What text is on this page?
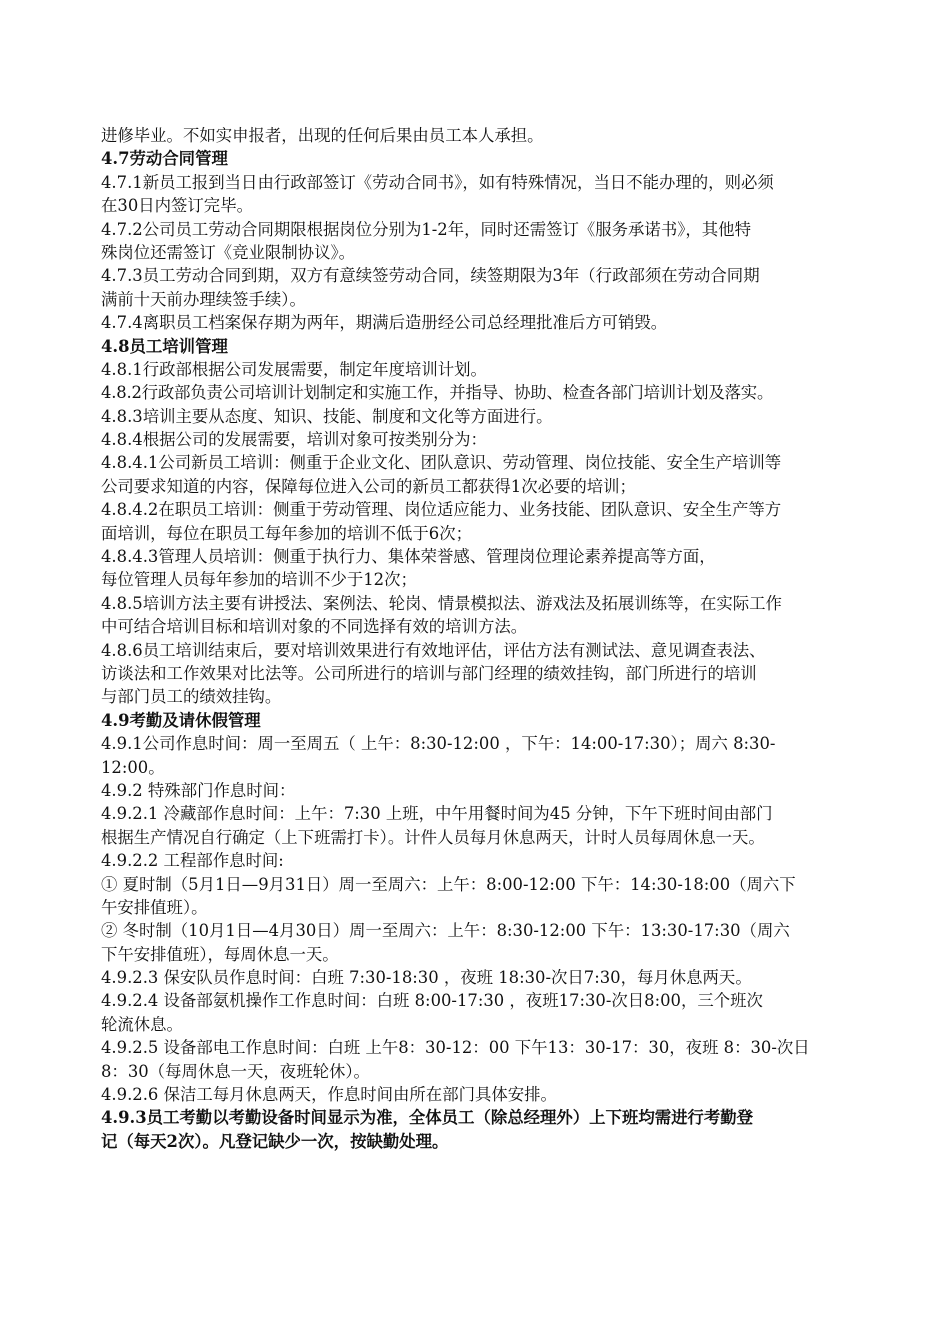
进修毕业。不如实申报者，出现的任何后果由员工本人承担。
4.7劳动合同管理
4.7.1新员工报到当日由行政部签订《劳动合同书》，如有特殊情况，当日不能办理的，则必须
在30日内签订完毕。
4.7.2公司员工劳动合同期限根据岗位分别为1-2年，同时还需签订《服务承诺书》，其他特
殊岗位还需签订《竞业限制协议》。
4.7.3员工劳动合同到期，双方有意续签劳动合同，续签期限为3年（行政部须在劳动合同期
满前十天前办理续签手续）。
4.7.4离职员工档案保存期为两年，期满后造册经公司总经理批准后方可销毁。
4.8员工培训管理
4.8.1行政部根据公司发展需要，制定年度培训计划。
4.8.2行政部负责公司培训计划制定和实施工作，并指导、协助、检查各部门培训计划及落实。
4.8.3培训主要从态度、知识、技能、制度和文化等方面进行。
4.8.4根据公司的发展需要，培训对象可按类别分为：
4.8.4.1公司新员工培训：侧重于企业文化、团队意识、劳动管理、岗位技能、安全生产培训等
公司要求知道的内容，保障每位进入公司的新员工都获得1次必要的培训；
4.8.4.2在职员工培训：侧重于劳动管理、岗位适应能力、业务技能、团队意识、安全生产等方
面培训，每位在职员工每年参加的培训不低于6次；
4.8.4.3管理人员培训：侧重于执行力、集体荣誉感、管理岗位理论素养提高等方面，
每位管理人员每年参加的培训不少于12次；
4.8.5培训方法主要有讲授法、案例法、轮岗、情景模拟法、游戏法及拓展训练等，在实际工作
中可结合培训目标和培训对象的不同选择有效的培训方法。
4.8.6员工培训结束后，要对培训效果进行有效地评估，评估方法有测试法、意见调查表法、
访谈法和工作效果对比法等。公司所进行的培训与部门经理的绩效挂钩，部门所进行的培训
与部门员工的绩效挂钩。
4.9考勤及请休假管理
4.9.1公司作息时间：周一至周五（ 上午：8:30-12:00 ，下午：14:00-17:30）；周六 8:30-
12:00。
4.9.2 特殊部门作息时间：
4.9.2.1 冷藏部作息时间：上午：7:30 上班，中午用餐时间为45 分钟，下午下班时间由部门
根据生产情况自行确定（上下班需打卡）。计件人员每月休息两天，计时人员每周休息一天。
4.9.2.2 工程部作息时间:
① 夏时制（5月1日—9月31日）周一至周六：上午：8:00-12:00 下午：14:30-18:00（周六下
午安排值班）。
② 冬时制（10月1日—4月30日）周一至周六：上午：8:30-12:00 下午：13:30-17:30（周六
下午安排值班），每周休息一天。
4.9.2.3 保安队员作息时间：白班 7:30-18:30 ，夜班 18:30-次日7:30，每月休息两天。
4.9.2.4 设备部氨机操作工作息时间：白班 8:00-17:30 ，夜班17:30-次日8:00，三个班次
轮流休息。
4.9.2.5 设备部电工作息时间：白班 上午8：30-12：00 下午13：30-17：30，夜班 8：30-次日
8：30（每周休息一天，夜班轮休）。
4.9.2.6 保洁工每月休息两天，作息时间由所在部门具体安排。
4.9.3员工考勤以考勤设备时间显示为准，全体员工（除总经理外）上下班均需进行考勤登
记（每天2次）。凡登记缺少一次，按缺勤处理。
